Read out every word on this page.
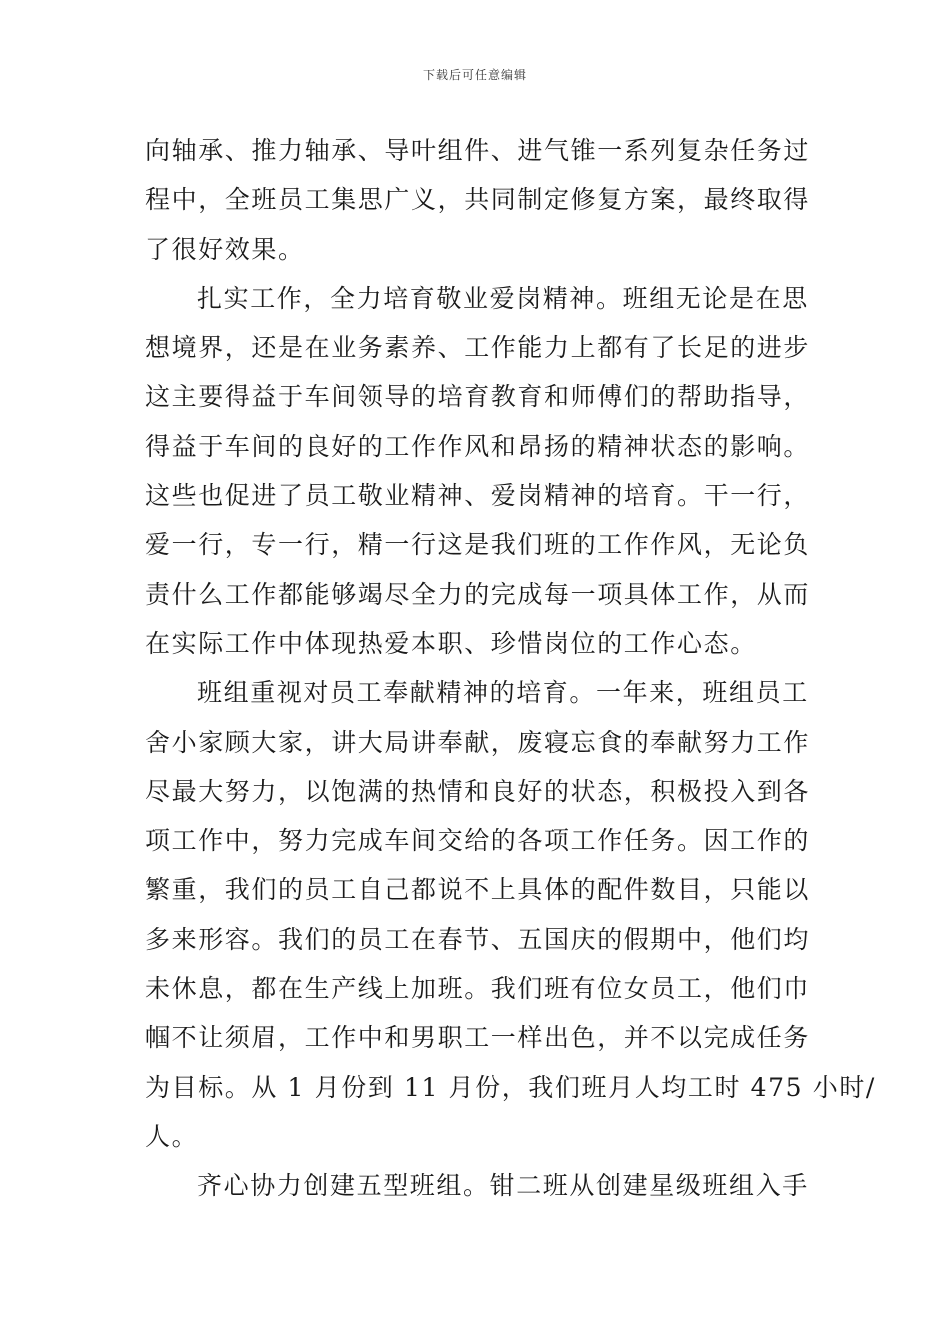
下载后可任意编辑
向轴承、推力轴承、导叶组件、进气锥一系列复杂任务过
程中，全班员工集思广义，共同制定修复方案，最终取得
了很好效果。
扎实工作，全力培育敬业爱岗精神。班组无论是在思
想境界，还是在业务素养、工作能力上都有了长足的进步
这主要得益于车间领导的培育教育和师傅们的帮助指导，
得益于车间的良好的工作作风和昂扬的精神状态的影响。
这些也促进了员工敬业精神、爱岗精神的培育。干一行，
爱一行，专一行，精一行这是我们班的工作作风，无论负
责什么工作都能够竭尽全力的完成每一项具体工作，从而
在实际工作中体现热爱本职、珍惜岗位的工作心态。
班组重视对员工奉献精神的培育。一年来，班组员工
舍小家顾大家，讲大局讲奉献，废寝忘食的奉献努力工作
尽最大努力，以饱满的热情和良好的状态，积极投入到各
项工作中，努力完成车间交给的各项工作任务。因工作的
繁重，我们的员工自己都说不上具体的配件数目，只能以
多来形容。我们的员工在春节、五国庆的假期中，他们均
未休息，都在生产线上加班。我们班有位女员工，他们巾
帼不让须眉，工作中和男职工一样出色，并不以完成任务
为目标。从 1 月份到 11 月份，我们班月人均工时 475 小时/
人。
齐心协力创建五型班组。钳二班从创建星级班组入手
